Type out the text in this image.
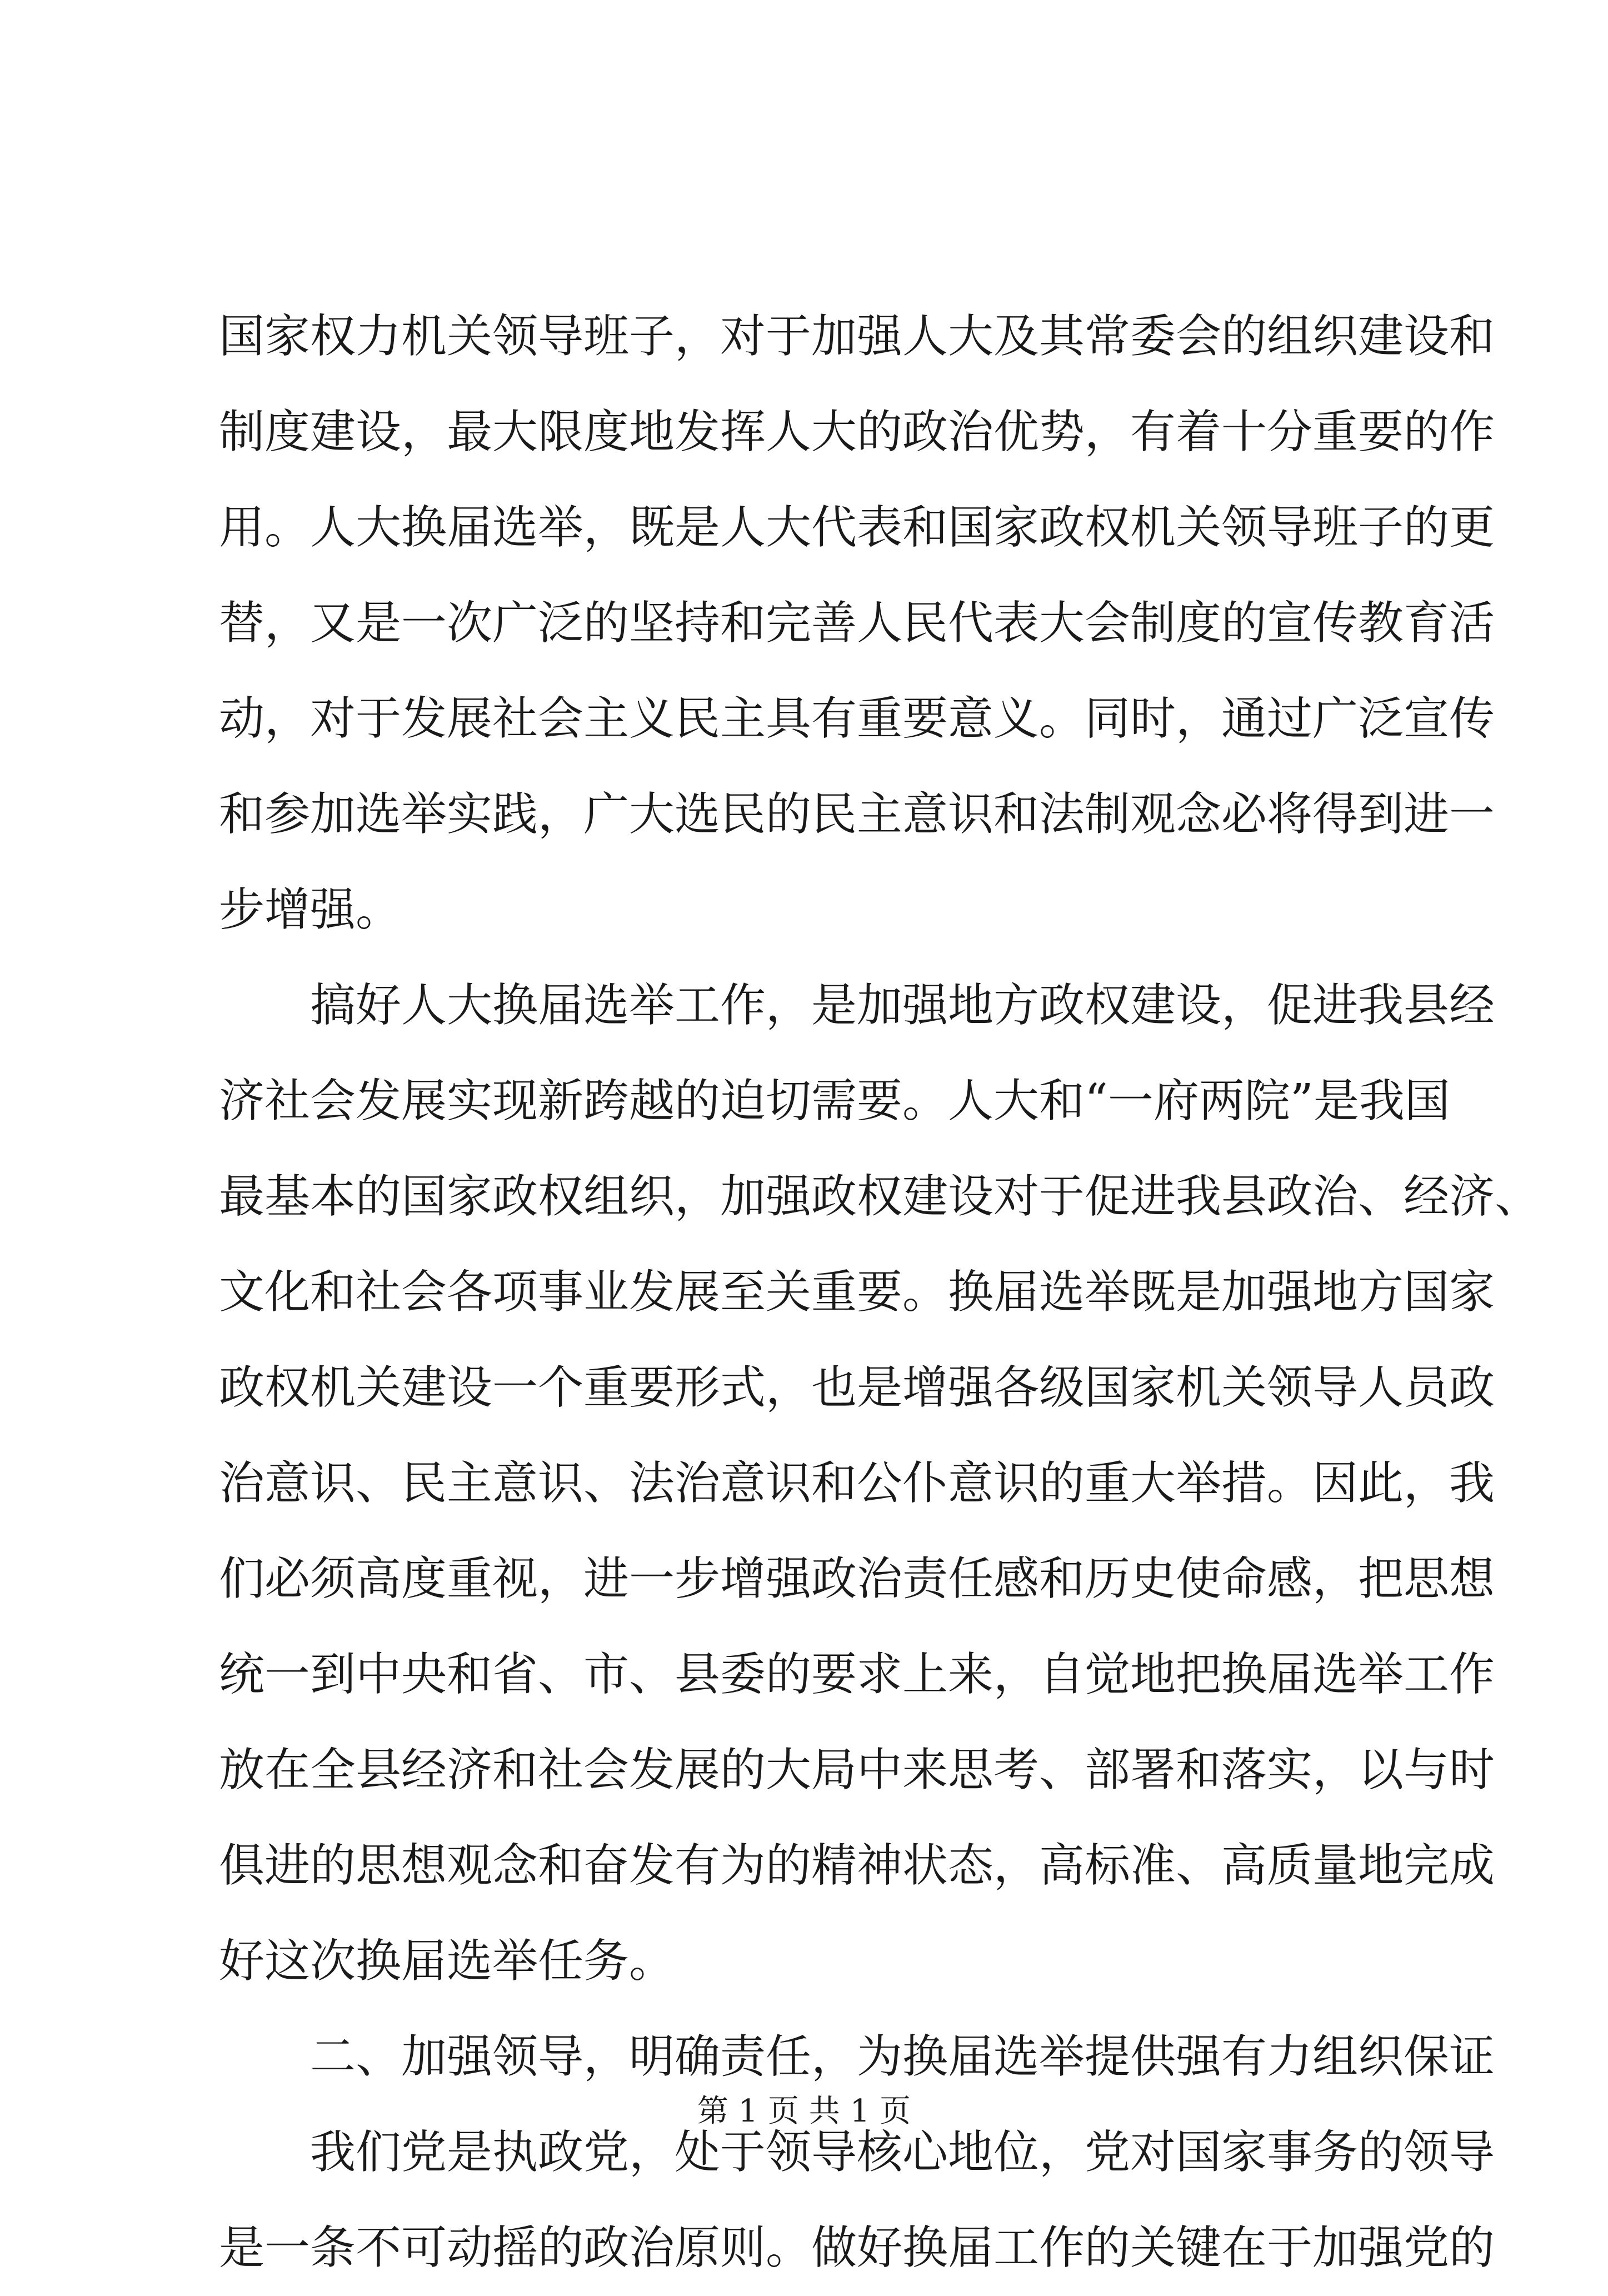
国家权力机关领导班子，对于加强人大及其常委会的组织建设和
制度建设，最大限度地发挥人大的政治优势，有着十分重要的作
用。人大换届选举，既是人大代表和国家政权机关领导班子的更
替，又是一次广泛的坚持和完善人民代表大会制度的宣传教育活
动，对于发展社会主义民主具有重要意义。同时，通过广泛宣传
和参加选举实践，广大选民的民主意识和法制观念必将得到进一
步增强。
搞好人大换届选举工作，是加强地方政权建设，促进我县经
济社会发展实现新跨越的迫切需要。人大和“一府两院”是我国
最基本的国家政权组织，加强政权建设对于促进我县政治、经济、
文化和社会各项事业发展至关重要。换届选举既是加强地方国家
政权机关建设一个重要形式，也是增强各级国家机关领导人员政
治意识、民主意识、法治意识和公仆意识的重大举措。因此，我
们必须高度重视，进一步增强政治责任感和历史使命感，把思想
统一到中央和省、市、县委的要求上来，自觉地把换届选举工作
放在全县经济和社会发展的大局中来思考、部署和落实，以与时
俱进的思想观念和奋发有为的精神状态，高标准、高质量地完成
好这次换届选举任务。
二、加强领导，明确责任，为换届选举提供强有力组织保证
我们党是执政党，处于领导核心地位，党对国家事务的领导
是一条不可动摇的政治原则。做好换届工作的关键在于加强党的
第 1 页 共 1 页
